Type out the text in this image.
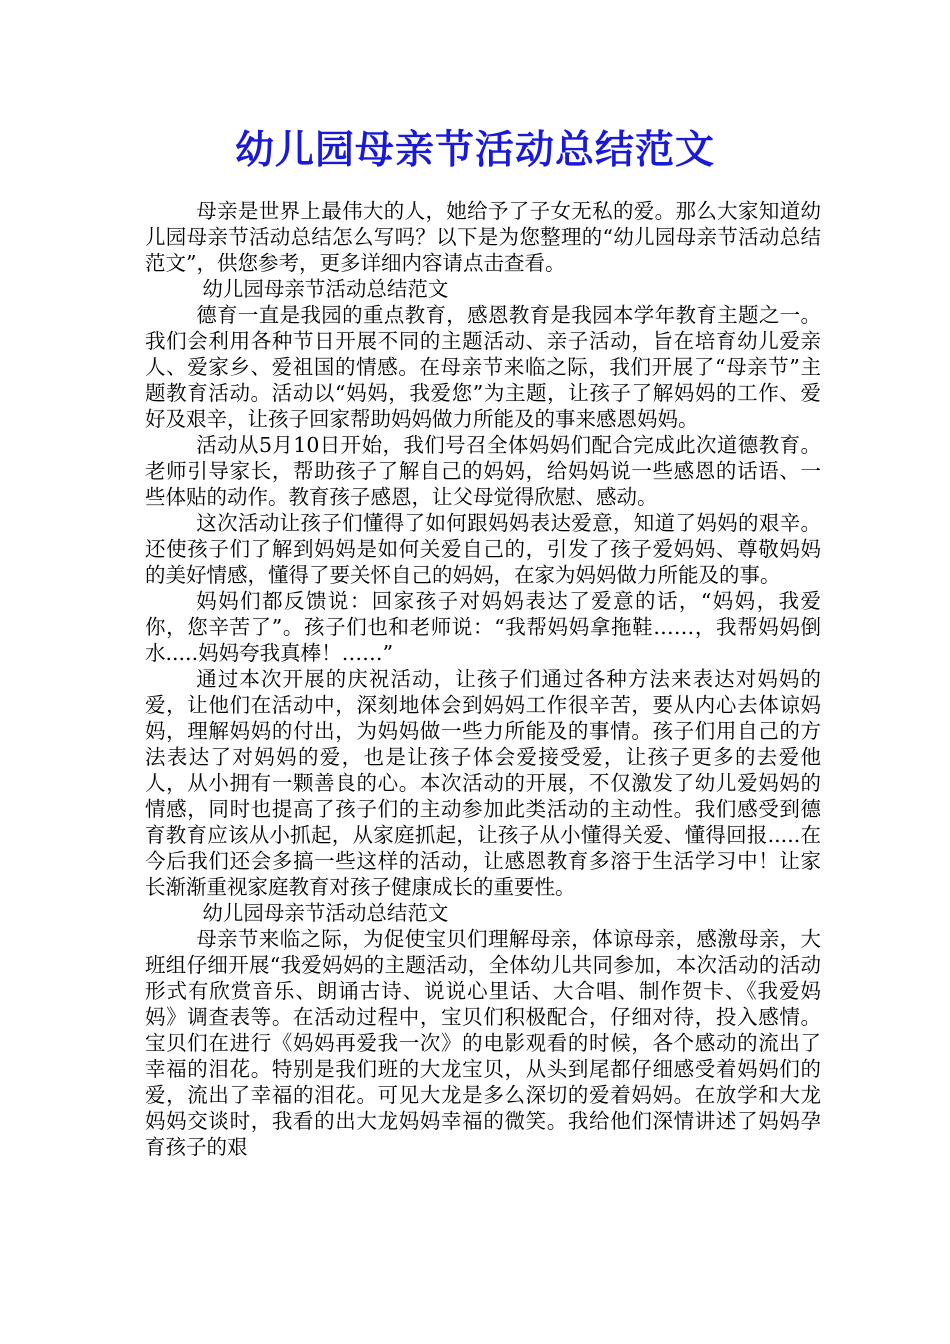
幼儿园母亲节活动总结范文

母亲是世界上最伟大的人，她给予了子女无私的爱。那么大家知道幼儿园母亲节活动总结怎么写吗？以下是为您整理的“幼儿园母亲节活动总结范文”，供您参考，更多详细内容请点击查看。

幼儿园母亲节活动总结范文

德育一直是我园的重点教育，感恩教育是我园本学年教育主题之一。我们会利用各种节日开展不同的主题活动、亲子活动，旨在培育幼儿爱亲人、爱家乡、爱祖国的情感。在母亲节来临之际，我们开展了“母亲节”主题教育活动。活动以“妈妈，我爱您”为主题，让孩子了解妈妈的工作、爱好及艰辛，让孩子回家帮助妈妈做力所能及的事来感恩妈妈。

活动从5月10日开始，我们号召全体妈妈们配合完成此次道德教育。老师引导家长，帮助孩子了解自己的妈妈，给妈妈说一些感恩的话语、一些体贴的动作。教育孩子感恩，让父母觉得欣慰、感动。

这次活动让孩子们懂得了如何跟妈妈表达爱意，知道了妈妈的艰辛。还使孩子们了解到妈妈是如何关爱自己的，引发了孩子爱妈妈、尊敬妈妈的美好情感，懂得了要关怀自己的妈妈，在家为妈妈做力所能及的事。

妈妈们都反馈说：回家孩子对妈妈表达了爱意的话，“妈妈，我爱你，您辛苦了”。孩子们也和老师说：“我帮妈妈拿拖鞋……，我帮妈妈倒水.....妈妈夸我真棒！……”

通过本次开展的庆祝活动，让孩子们通过各种方法来表达对妈妈的爱，让他们在活动中，深刻地体会到妈妈工作很辛苦，要从内心去体谅妈妈，理解妈妈的付出，为妈妈做一些力所能及的事情。孩子们用自己的方法表达了对妈妈的爱，也是让孩子体会爱接受爱，让孩子更多的去爱他人，从小拥有一颗善良的心。本次活动的开展，不仅激发了幼儿爱妈妈的情感，同时也提高了孩子们的主动参加此类活动的主动性。我们感受到德育教育应该从小抓起，从家庭抓起，让孩子从小懂得关爱、懂得回报.....在今后我们还会多搞一些这样的活动，让感恩教育多溶于生活学习中！让家长渐渐重视家庭教育对孩子健康成长的重要性。

幼儿园母亲节活动总结范文

母亲节来临之际，为促使宝贝们理解母亲，体谅母亲，感激母亲，大班组仔细开展“我爱妈妈的主题活动，全体幼儿共同参加，本次活动的活动形式有欣赏音乐、朗诵古诗、说说心里话、大合唱、制作贺卡、《我爱妈妈》调查表等。在活动过程中，宝贝们积极配合，仔细对待，投入感情。宝贝们在进行《妈妈再爱我一次》的电影观看的时候，各个感动的流出了幸福的泪花。特别是我们班的大龙宝贝，从头到尾都仔细感受着妈妈们的爱，流出了幸福的泪花。可见大龙是多么深切的爱着妈妈。在放学和大龙妈妈交谈时，我看的出大龙妈妈幸福的微笑。我给他们深情讲述了妈妈孕育孩子的艰
